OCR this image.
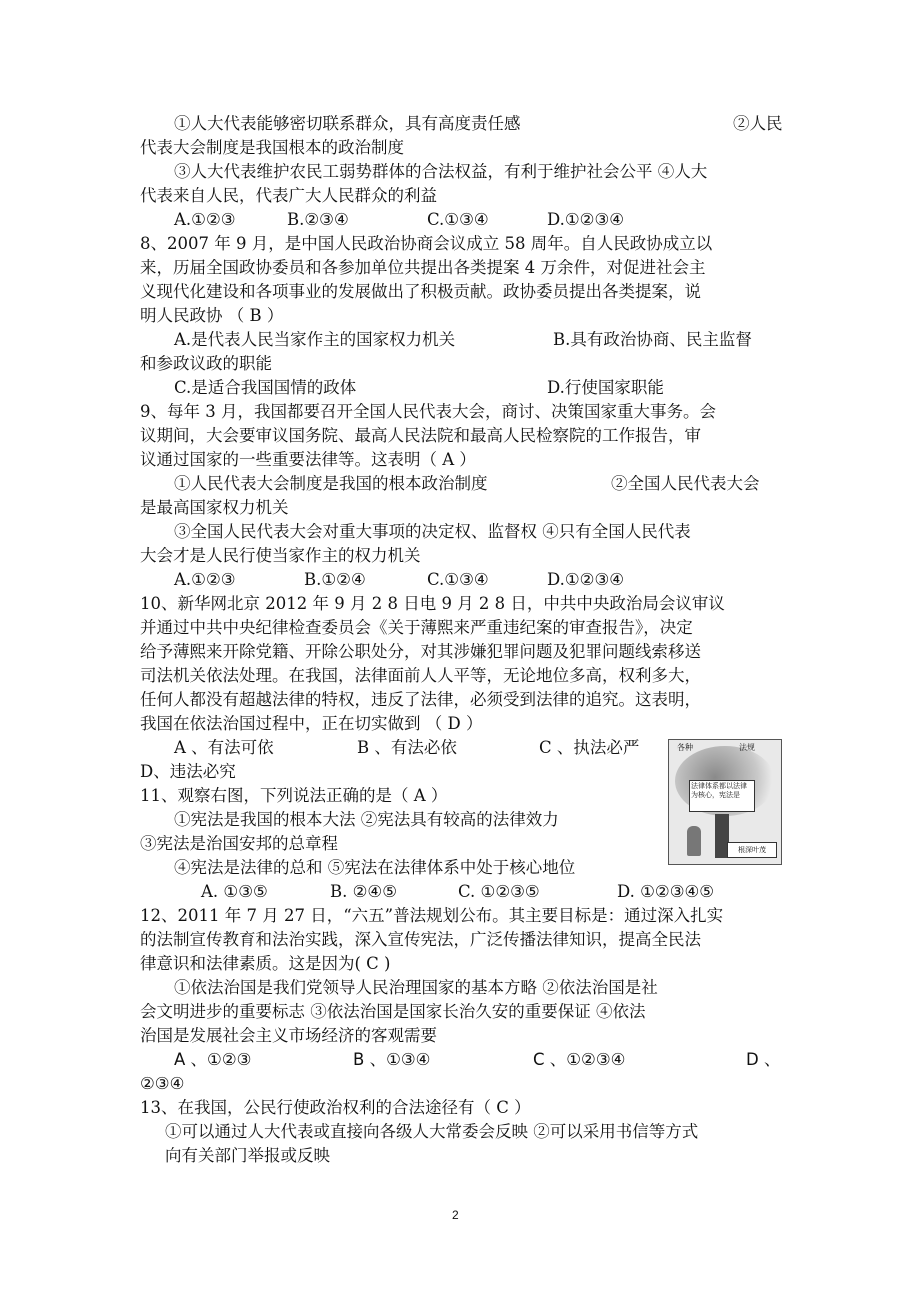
①人大代表能够密切联系群众，具有高度责任感	②人民
代表大会制度是我国根本的政治制度
③人大代表维护农民工弱势群体的合法权益，有利于维护社会公平 ④人大
代表来自人民，代表广大人民群众的利益
A.①②③	B.②③④	C.①③④	D.①②③④
8、2007 年 9 月，是中国人民政治协商会议成立 58 周年。自人民政协成立以
来，历届全国政协委员和各参加单位共提出各类提案 4 万余件，对促进社会主
义现代化建设和各项事业的发展做出了积极贡献。政协委员提出各类提案，说
明人民政协 （ B ）
A.是代表人民当家作主的国家权力机关	B.具有政治协商、民主监督
和参政议政的职能
C.是适合我国国情的政体	D.行使国家职能
9、每年 3 月，我国都要召开全国人民代表大会，商讨、决策国家重大事务。会
议期间，大会要审议国务院、最高人民法院和最高人民检察院的工作报告，审
议通过国家的一些重要法律等。这表明（ A ）
①人民代表大会制度是我国的根本政治制度	②全国人民代表大会
是最高国家权力机关
③全国人民代表大会对重大事项的决定权、监督权 ④只有全国人民代表
大会才是人民行使当家作主的权力机关
A.①②③	B.①②④	C.①③④	D.①②③④
10、新华网北京 2012 年 9 月 2 8 日电 9 月 2 8 日，中共中央政治局会议审议
并通过中共中央纪律检查委员会《关于薄熙来严重违纪案的审查报告》，决定
给予薄熙来开除党籍、开除公职处分，对其涉嫌犯罪问题及犯罪问题线索移送
司法机关依法处理。在我国，法律面前人人平等，无论地位多高，权利多大，
任何人都没有超越法律的特权，违反了法律，必须受到法律的追究。这表明，
我国在依法治国过程中，正在切实做到 （ D ）
A 、有法可依	B 、有法必依	C 、执法必严
D、违法必究
11、观察右图，下列说法正确的是（ A ）
①宪法是我国的根本大法 ②宪法具有较高的法律效力
③宪法是治国安邦的总章程
④宪法是法律的总和 ⑤宪法在法律体系中处于核心地位
A. ①③⑤	B. ②④⑤	C. ①②③⑤	D. ①②③④⑤
各种	法规
法律体系都以法律为核心，宪法是
根深叶茂
12、2011 年 7 月 27 日，“六五”普法规划公布。其主要目标是：通过深入扎实
的法制宣传教育和法治实践，深入宣传宪法，广泛传播法律知识，提高全民法
律意识和法律素质。这是因为( C )
①依法治国是我们党领导人民治理国家的基本方略 ②依法治国是社
会文明进步的重要标志 ③依法治国是国家长治久安的重要保证 ④依法
治国是发展社会主义市场经济的客观需要
A 、①②③	B 、①③④	C 、①②③④	D 、
②③④
13、在我国，公民行使政治权利的合法途径有（ C ）
①可以通过人大代表或直接向各级人大常委会反映 ②可以采用书信等方式
向有关部门举报或反映
2
